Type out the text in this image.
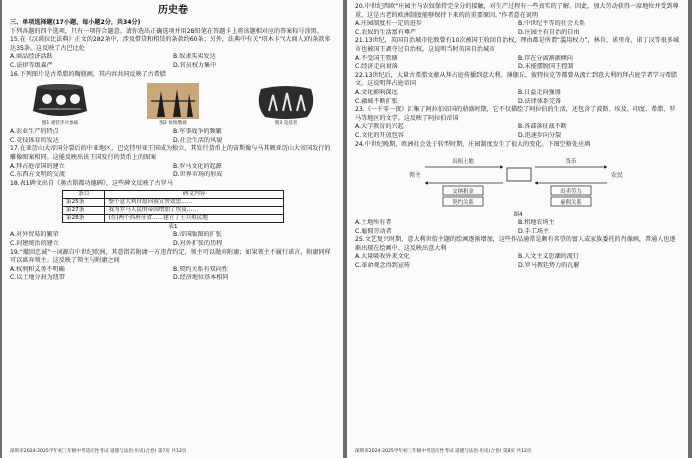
历史卷
三、单项选择题(17小题，每小题2分，共34分)

下列各题的四个选项，只有一项符合题意。请你选出正确选项并用2B铅笔在答题卡上将该题相对应的答案标号涂黑。

15.在《汉谟拉比法典》正文的282条中，涉及借贷和租赁的条款约60条；另外，法典中有关“塔木卡”(大商人)的条款多达35条。这反映了古巴比伦

A.商品经济活跃	B.奴隶买卖发达
C.法律等级森严	D.官员权力集中

16.下列图片是古希腊的陶瓶画，其内容共同反映了古希腊

图1 重装步兵参战	图2 伙犊缴观	图3 竞技者
A.农业生产的特点	B.军事战争的频繁
C.竞技体育的发达	D.社会生活的风貌

17.在亚历山大帝国分裂后的中亚地区，巴克特里亚王国成为独立，其发行货币上的宙斯像与马其顿亚历山大帝国发行的雕像图案相同。这能反映出该王国发行的货币上的图案

A.拜占庭帝国的建立	B.罗马文化的起源
C.东西方文明的交流	D.世界市场的形成

18.表1碑文出自《奥古斯都功德碑》，这些碑文反映了古罗马

条目	碑文内容
第25条	整个意大利自愿向我宣誓效忠……
第27条	我为罗马人民的帝国增加了埃及……
第28条	(在)两个西班牙省……建立了士兵殖民地
表1
A.对外贸易的繁荣	B.帝国版图的扩张
C.封建统治的建立	D.对外扩张的历程

19.“撤回忠诚”一词源自中世纪欧洲，其意指若附庸一方违背约定，领主可以抛弃附庸；如果领主不履行诺言，附庸同样可以离弃领主。这反映了领主与附庸之间

A.权利和义务不明确	B.契约关系有双向性
C.以土地分封为纽带	D.经济地位基本相同
深圳市2024-2025学年初三年级中考适应性考试 道德与法治·历史(合卷) 第7页 共12页

20.中世纪西欧“庄园主与农奴保持完全分的接触，对生产过程有一些真实的了解。因此，加大劳动获得一席地位并受到尊重，这是古老的欧洲制度能够保持下来的的重要原因。”作者意在说明

A.庄园制度有一定的进步	B.中世纪平等的社会关系
C.农奴的生活富有尊严	D.庄园主有自治的自由

21.13世纪，英国自治城市伦敦曾有10次被国王收回自治权，理由都是所谓“滥用权力”，林肯、诺里奇、诺丁汉等很多城市也被国王剥夺过自治权。这说明当时英国自治城市

A.不受国王管辖	B.存在分离割据倾向
C.经济走向衰落	D.未能摆脱国王控制

22.13世纪后，大量古希腊文献从拜占庭传播到意大利。薄伽丘、彼特拉克等都曾从流亡到意大利的拜占庭学者学习希腊文。这说明拜占庭帝国

A.文化影响深远	B.日益走向强盛
C.疆域不断扩张	D.法律体系完备

23.《一千零一夜》汇集了阿拉伯帝国的鼎盛时期，它不仅描绘了阿拉伯的生活，还包含了波斯、埃及、印度、希腊、罗马等地区的文学。这反映了阿拉伯帝国

A.大学教育的兴起	B.各部落征战不断
C.文化的开放包容	D.迅速步向分裂

24.中世纪晚期，欧洲社会处于转型时期，庄园制度发生了很大的变化。下图空格处应填

领主	农民
出租土地	货币
交纳租金	出卖劳力
契约关系	雇佣关系
图4
A.土地所有者	B.租地农场主
C.雇佣劳动者	D.手工场主

25.文艺复兴时期，意大利世俗主题的绘画逐渐增加，这些作品通常是颇有名望的富人或家族委托的肖像画，普通人也逐渐出现在绘画中。这反映出意大利

A.大量吸收外来文化	B.人文主义思潮的流行
C.革命观念得到宣传	D.罗马教廷势力的瓦解
深圳市2024-2025学年初三年级中考适应性考试 道德与法治·历史(合卷) 第8页 共12页
